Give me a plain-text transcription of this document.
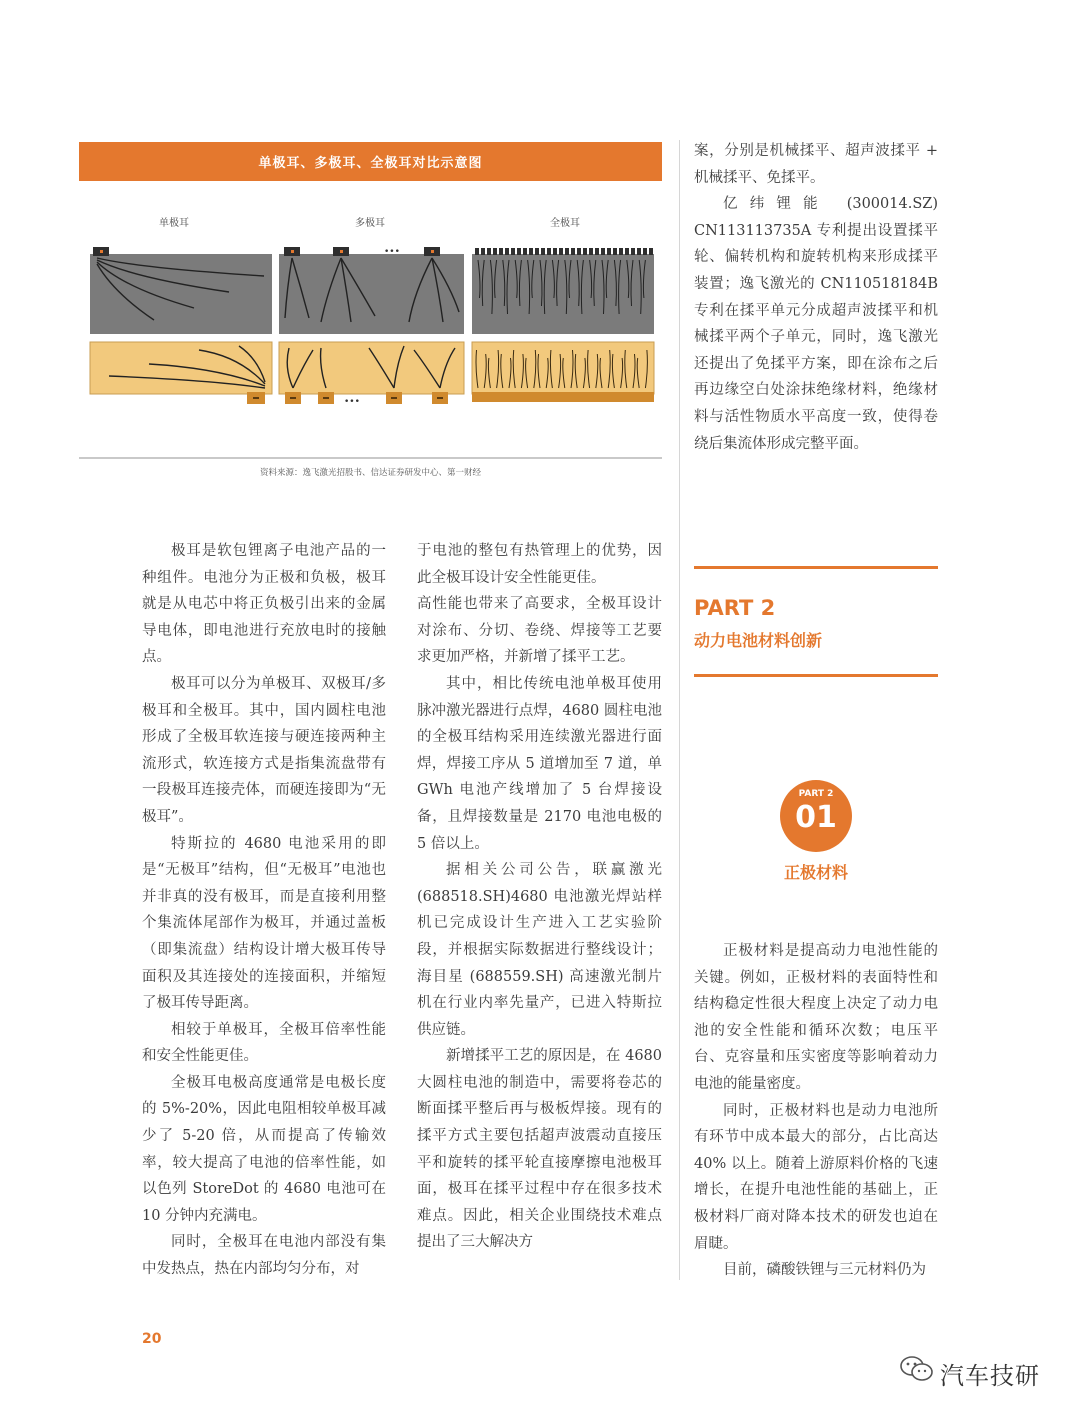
单极耳、多极耳、全极耳对比示意图
单极耳	多极耳	全极耳
•••
•••
资料来源：逸飞激光招股书、信达证券研发中心、第一财经

极耳是软包锂离子电池产品的一种组件。电池分为正极和负极，极耳就是从电芯中将正负极引出来的金属导电体，即电池进行充放电时的接触点。

极耳可以分为单极耳、双极耳/多极耳和全极耳。其中，国内圆柱电池形成了全极耳软连接与硬连接两种主流形式，软连接方式是指集流盘带有一段极耳连接壳体，而硬连接即为“无极耳”。

特斯拉的 4680 电池采用的即是“无极耳”结构，但“无极耳”电池也并非真的没有极耳，而是直接利用整个集流体尾部作为极耳，并通过盖板（即集流盘）结构设计增大极耳传导面积及其连接处的连接面积，并缩短了极耳传导距离。

相较于单极耳，全极耳倍率性能和安全性能更佳。

全极耳电极高度通常是电极长度的 5%-20%，因此电阻相较单极耳减少了 5-20 倍，从而提高了传输效率，较大提高了电池的倍率性能，如以色列 StoreDot 的 4680 电池可在 10 分钟内充满电。

同时，全极耳在电池内部没有集中发热点，热在内部均匀分布，对

于电池的整包有热管理上的优势，因此全极耳设计安全性能更佳。

高性能也带来了高要求，全极耳设计对涂布、分切、卷绕、焊接等工艺要求更加严格，并新增了揉平工艺。

其中，相比传统电池单极耳使用脉冲激光器进行点焊，4680 圆柱电池的全极耳结构采用连续激光器进行面焊，焊接工序从 5 道增加至 7 道，单 GWh 电池产线增加了 5 台焊接设备，且焊接数量是 2170 电池电极的 5 倍以上。

据相关公司公告，联赢激光 (688518.SH)4680 电池激光焊站样机已完成设计生产进入工艺实验阶段，并根据实际数据进行整线设计；海目星 (688559.SH) 高速激光制片机在行业内率先量产，已进入特斯拉供应链。

新增揉平工艺的原因是，在 4680 大圆柱电池的制造中，需要将卷芯的断面揉平整后再与极板焊接。现有的揉平方式主要包括超声波震动直接压平和旋转的揉平轮直接摩擦电池极耳面，极耳在揉平过程中存在很多技术难点。因此，相关企业围绕技术难点提出了三大解决方

案，分别是机械揉平、超声波揉平 + 机械揉平、免揉平。

亿纬锂能 (300014.SZ) CN113113735A 专利提出设置揉平轮、偏转机构和旋转机构来形成揉平装置；逸飞激光的 CN110518184B 专利在揉平单元分成超声波揉平和机械揉平两个子单元，同时，逸飞激光还提出了免揉平方案，即在涂布之后再边缘空白处涂抹绝缘材料，绝缘材料与活性物质水平高度一致，使得卷绕后集流体形成完整平面。

PART 2
动力电池材料创新
PART 2
01
正极材料

正极材料是提高动力电池性能的关键。例如，正极材料的表面特性和结构稳定性很大程度上决定了动力电池的安全性能和循环次数；电压平台、克容量和压实密度等影响着动力电池的能量密度。

同时，正极材料也是动力电池所有环节中成本最大的部分，占比高达 40% 以上。随着上游原料价格的飞速增长，在提升电池性能的基础上，正极材料厂商对降本技术的研发也迫在眉睫。

目前，磷酸铁锂与三元材料仍为

20
汽车技研
